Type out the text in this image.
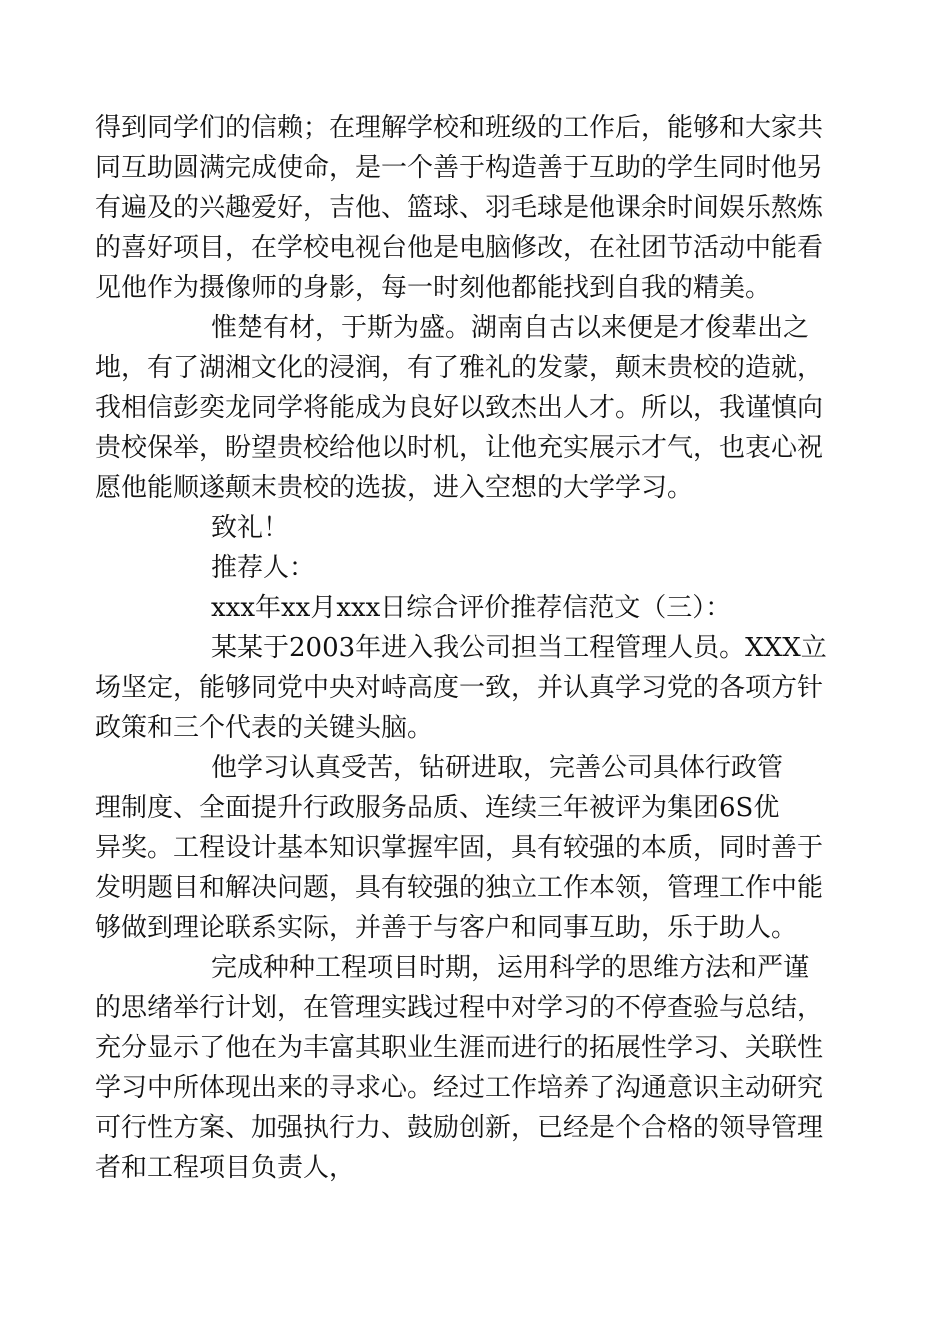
得到同学们的信赖；在理解学校和班级的工作后，能够和大家共
同互助圆满完成使命，是一个善于构造善于互助的学生同时他另
有遍及的兴趣爱好，吉他、篮球、羽毛球是他课余时间娱乐熬炼
的喜好项目，在学校电视台他是电脑修改，在社团节活动中能看
见他作为摄像师的身影，每一时刻他都能找到自我的精美。
惟楚有材，于斯为盛。湖南自古以来便是才俊辈出之
地，有了湖湘文化的浸润，有了雅礼的发蒙，颠末贵校的造就，
我相信彭奕龙同学将能成为良好以致杰出人才。所以，我谨慎向
贵校保举，盼望贵校给他以时机，让他充实展示才气，也衷心祝
愿他能顺遂颠末贵校的选拔，进入空想的大学学习。
致礼！
推荐人：
xxx年xx月xxx日综合评价推荐信范文（三）：
某某于2003年进入我公司担当工程管理人员。XXX立
场坚定，能够同党中央对峙高度一致，并认真学习党的各项方针
政策和三个代表的关键头脑。
他学习认真受苦，钻研进取，完善公司具体行政管
理制度、全面提升行政服务品质、连续三年被评为集团6S优
异奖。工程设计基本知识掌握牢固，具有较强的本质，同时善于
发明题目和解决问题，具有较强的独立工作本领，管理工作中能
够做到理论联系实际，并善于与客户和同事互助，乐于助人。
完成种种工程项目时期，运用科学的思维方法和严谨
的思绪举行计划，在管理实践过程中对学习的不停查验与总结，
充分显示了他在为丰富其职业生涯而进行的拓展性学习、关联性
学习中所体现出来的寻求心。经过工作培养了沟通意识主动研究
可行性方案、加强执行力、鼓励创新，已经是个合格的领导管理
者和工程项目负责人，
